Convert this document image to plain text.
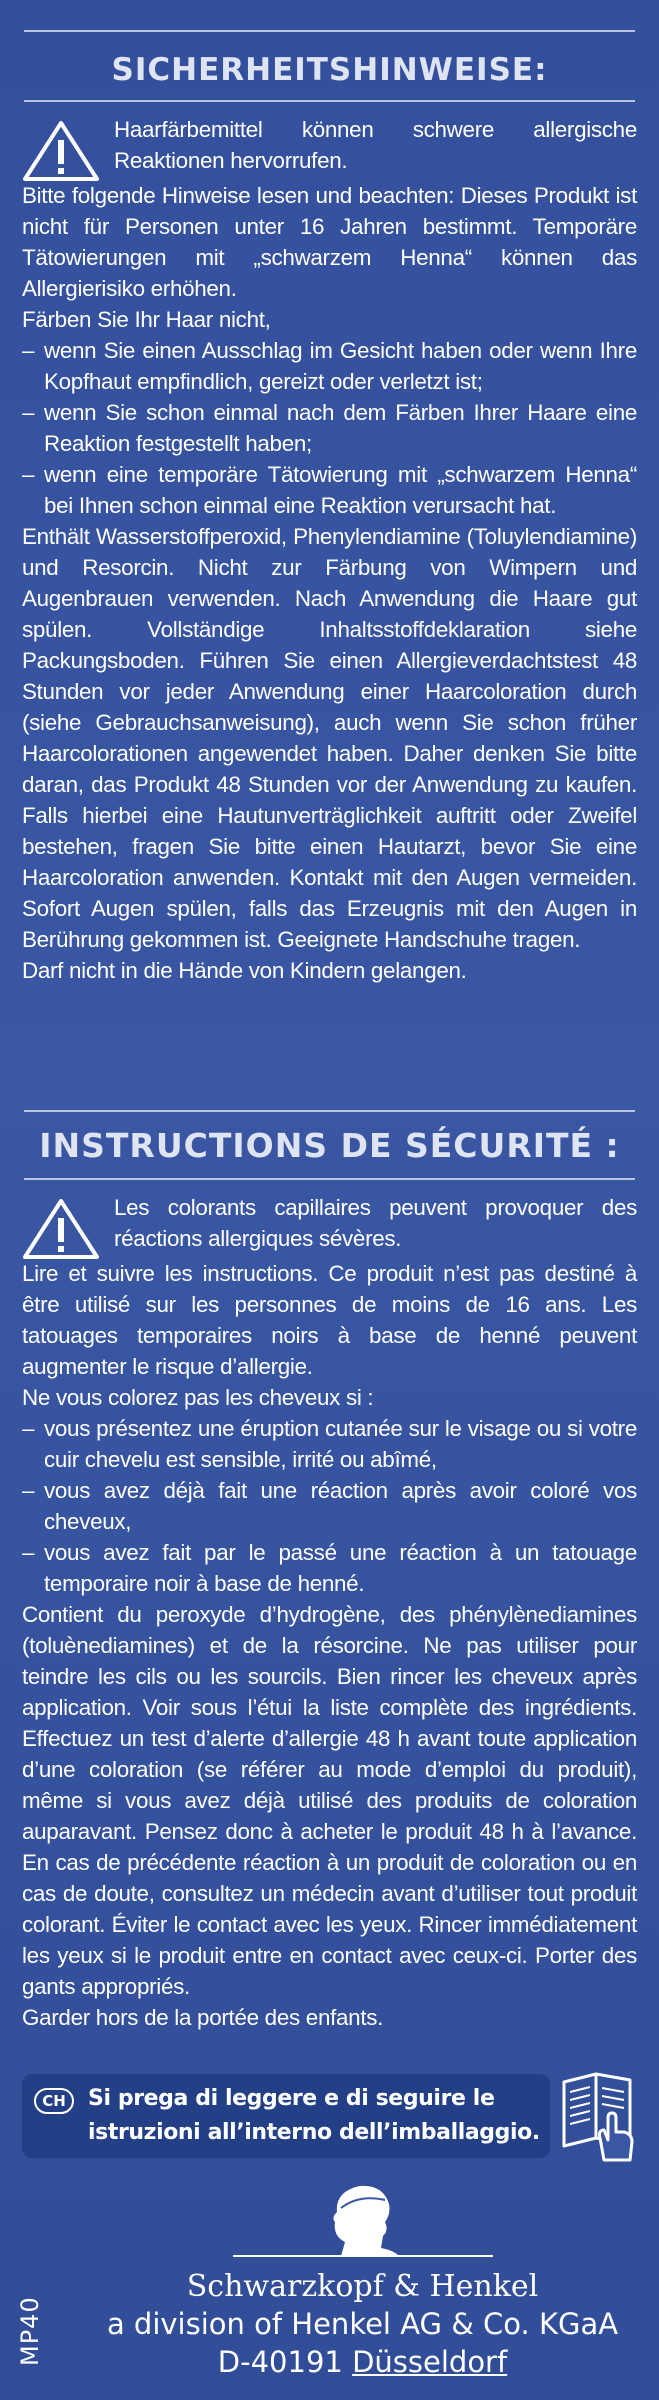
SICHERHEITSHINWEISE:
Haarfärbemittel können schwere allergische Reaktionen hervorrufen.

Bitte folgende Hinweise lesen und beachten: Dieses Produkt ist nicht für Personen unter 16 Jahren bestimmt. Temporäre Tätowierungen mit „schwarzem Henna“ können das Allergierisiko erhöhen.

Färben Sie Ihr Haar nicht,

– wenn Sie einen Ausschlag im Gesicht haben oder wenn Ihre Kopfhaut empfindlich, gereizt oder verletzt ist;
– wenn Sie schon einmal nach dem Färben Ihrer Haare eine Reaktion festgestellt haben;
– wenn eine temporäre Tätowierung mit „schwarzem Henna“ bei Ihnen schon einmal eine Reaktion verursacht hat.

Enthält Wasserstoffperoxid, Phenylendiamine (Toluylendiamine) und Resorcin. Nicht zur Färbung von Wimpern und Augenbrauen verwenden. Nach Anwendung die Haare gut spülen. Vollständige Inhaltsstoffdeklaration siehe Packungsboden. Führen Sie einen Allergieverdachtstest 48 Stunden vor jeder Anwendung einer Haarcoloration durch (siehe Gebrauchsanweisung), auch wenn Sie schon früher Haarcolorationen angewendet haben. Daher denken Sie bitte daran, das Produkt 48 Stunden vor der Anwendung zu kaufen. Falls hierbei eine Hautunverträglichkeit auftritt oder Zweifel bestehen, fragen Sie bitte einen Hautarzt, bevor Sie eine Haarcoloration anwenden. Kontakt mit den Augen vermeiden. Sofort Augen spülen, falls das Erzeugnis mit den Augen in Berührung gekommen ist. Geeignete Handschuhe tragen.

Darf nicht in die Hände von Kindern gelangen.

INSTRUCTIONS DE SÉCURITÉ :
Les colorants capillaires peuvent provoquer des réactions allergiques sévères.

Lire et suivre les instructions. Ce produit n’est pas destiné à être utilisé sur les personnes de moins de 16 ans. Les tatouages temporaires noirs à base de henné peuvent augmenter le risque d’allergie.

Ne vous colorez pas les cheveux si :

– vous présentez une éruption cutanée sur le visage ou si votre cuir chevelu est sensible, irrité ou abîmé,
– vous avez déjà fait une réaction après avoir coloré vos cheveux,
– vous avez fait par le passé une réaction à un tatouage temporaire noir à base de henné.

Contient du peroxyde d’hydrogène, des phénylènediamines (toluènediamines) et de la résorcine. Ne pas utiliser pour teindre les cils ou les sourcils. Bien rincer les cheveux après application. Voir sous l’étui la liste complète des ingrédients. Effectuez un test d’alerte d’allergie 48 h avant toute application d’une coloration (se référer au mode d’emploi du produit), même si vous avez déjà utilisé des produits de coloration auparavant. Pensez donc à acheter le produit 48 h à l’avance. En cas de précédente réaction à un produit de coloration ou en cas de doute, consultez un médecin avant d’utiliser tout produit colorant. Éviter le contact avec les yeux. Rincer immédiatement les yeux si le produit entre en contact avec ceux-ci. Porter des gants appropriés.

Garder hors de la portée des enfants.

CH	Si prega di leggere e di seguire le istruzioni all’interno dell’imballaggio.
Schwarzkopf & Henkel
a division of Henkel AG & Co. KGaA
D-40191 Düsseldorf
MP40
